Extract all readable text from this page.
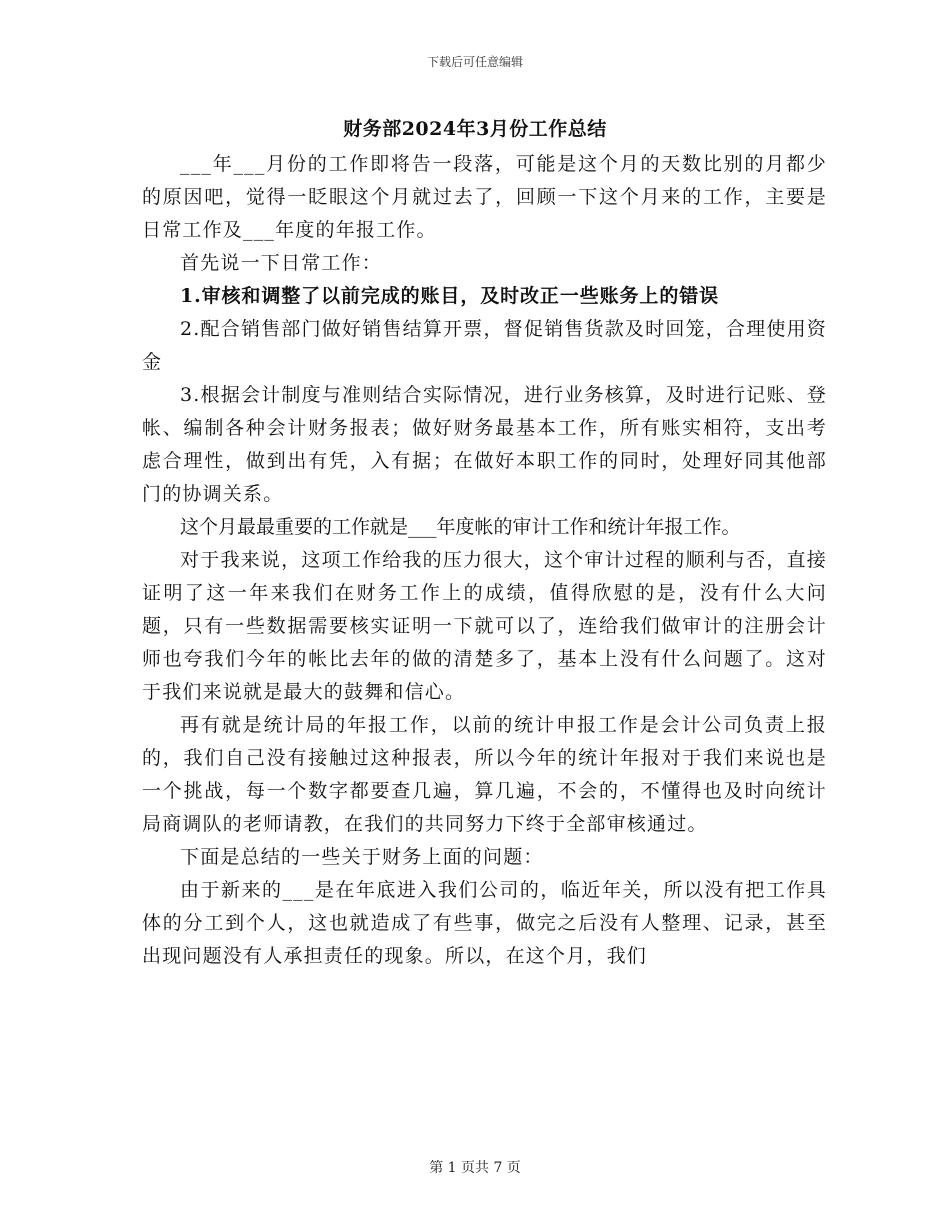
下载后可任意编辑
财务部2024年3月份工作总结

___年___月份的工作即将告一段落，可能是这个月的天数比别的月都少的原因吧，觉得一眨眼这个月就过去了，回顾一下这个月来的工作，主要是日常工作及___年度的年报工作。

首先说一下日常工作：

1.审核和调整了以前完成的账目，及时改正一些账务上的错误

2.配合销售部门做好销售结算开票，督促销售货款及时回笼，合理使用资金

3.根据会计制度与准则结合实际情况，进行业务核算，及时进行记账、登帐、编制各种会计财务报表；做好财务最基本工作，所有账实相符，支出考虑合理性，做到出有凭，入有据；在做好本职工作的同时，处理好同其他部门的协调关系。

这个月最最重要的工作就是___年度帐的审计工作和统计年报工作。

对于我来说，这项工作给我的压力很大，这个审计过程的顺利与否，直接证明了这一年来我们在财务工作上的成绩，值得欣慰的是，没有什么大问题，只有一些数据需要核实证明一下就可以了，连给我们做审计的注册会计师也夸我们今年的帐比去年的做的清楚多了，基本上没有什么问题了。这对于我们来说就是最大的鼓舞和信心。

再有就是统计局的年报工作，以前的统计申报工作是会计公司负责上报的，我们自己没有接触过这种报表，所以今年的统计年报对于我们来说也是一个挑战，每一个数字都要查几遍，算几遍，不会的，不懂得也及时向统计局商调队的老师请教，在我们的共同努力下终于全部审核通过。

下面是总结的一些关于财务上面的问题：

由于新来的___是在年底进入我们公司的，临近年关，所以没有把工作具体的分工到个人，这也就造成了有些事，做完之后没有人整理、记录，甚至出现问题没有人承担责任的现象。所以，在这个月，我们

第 1 页共 7 页
